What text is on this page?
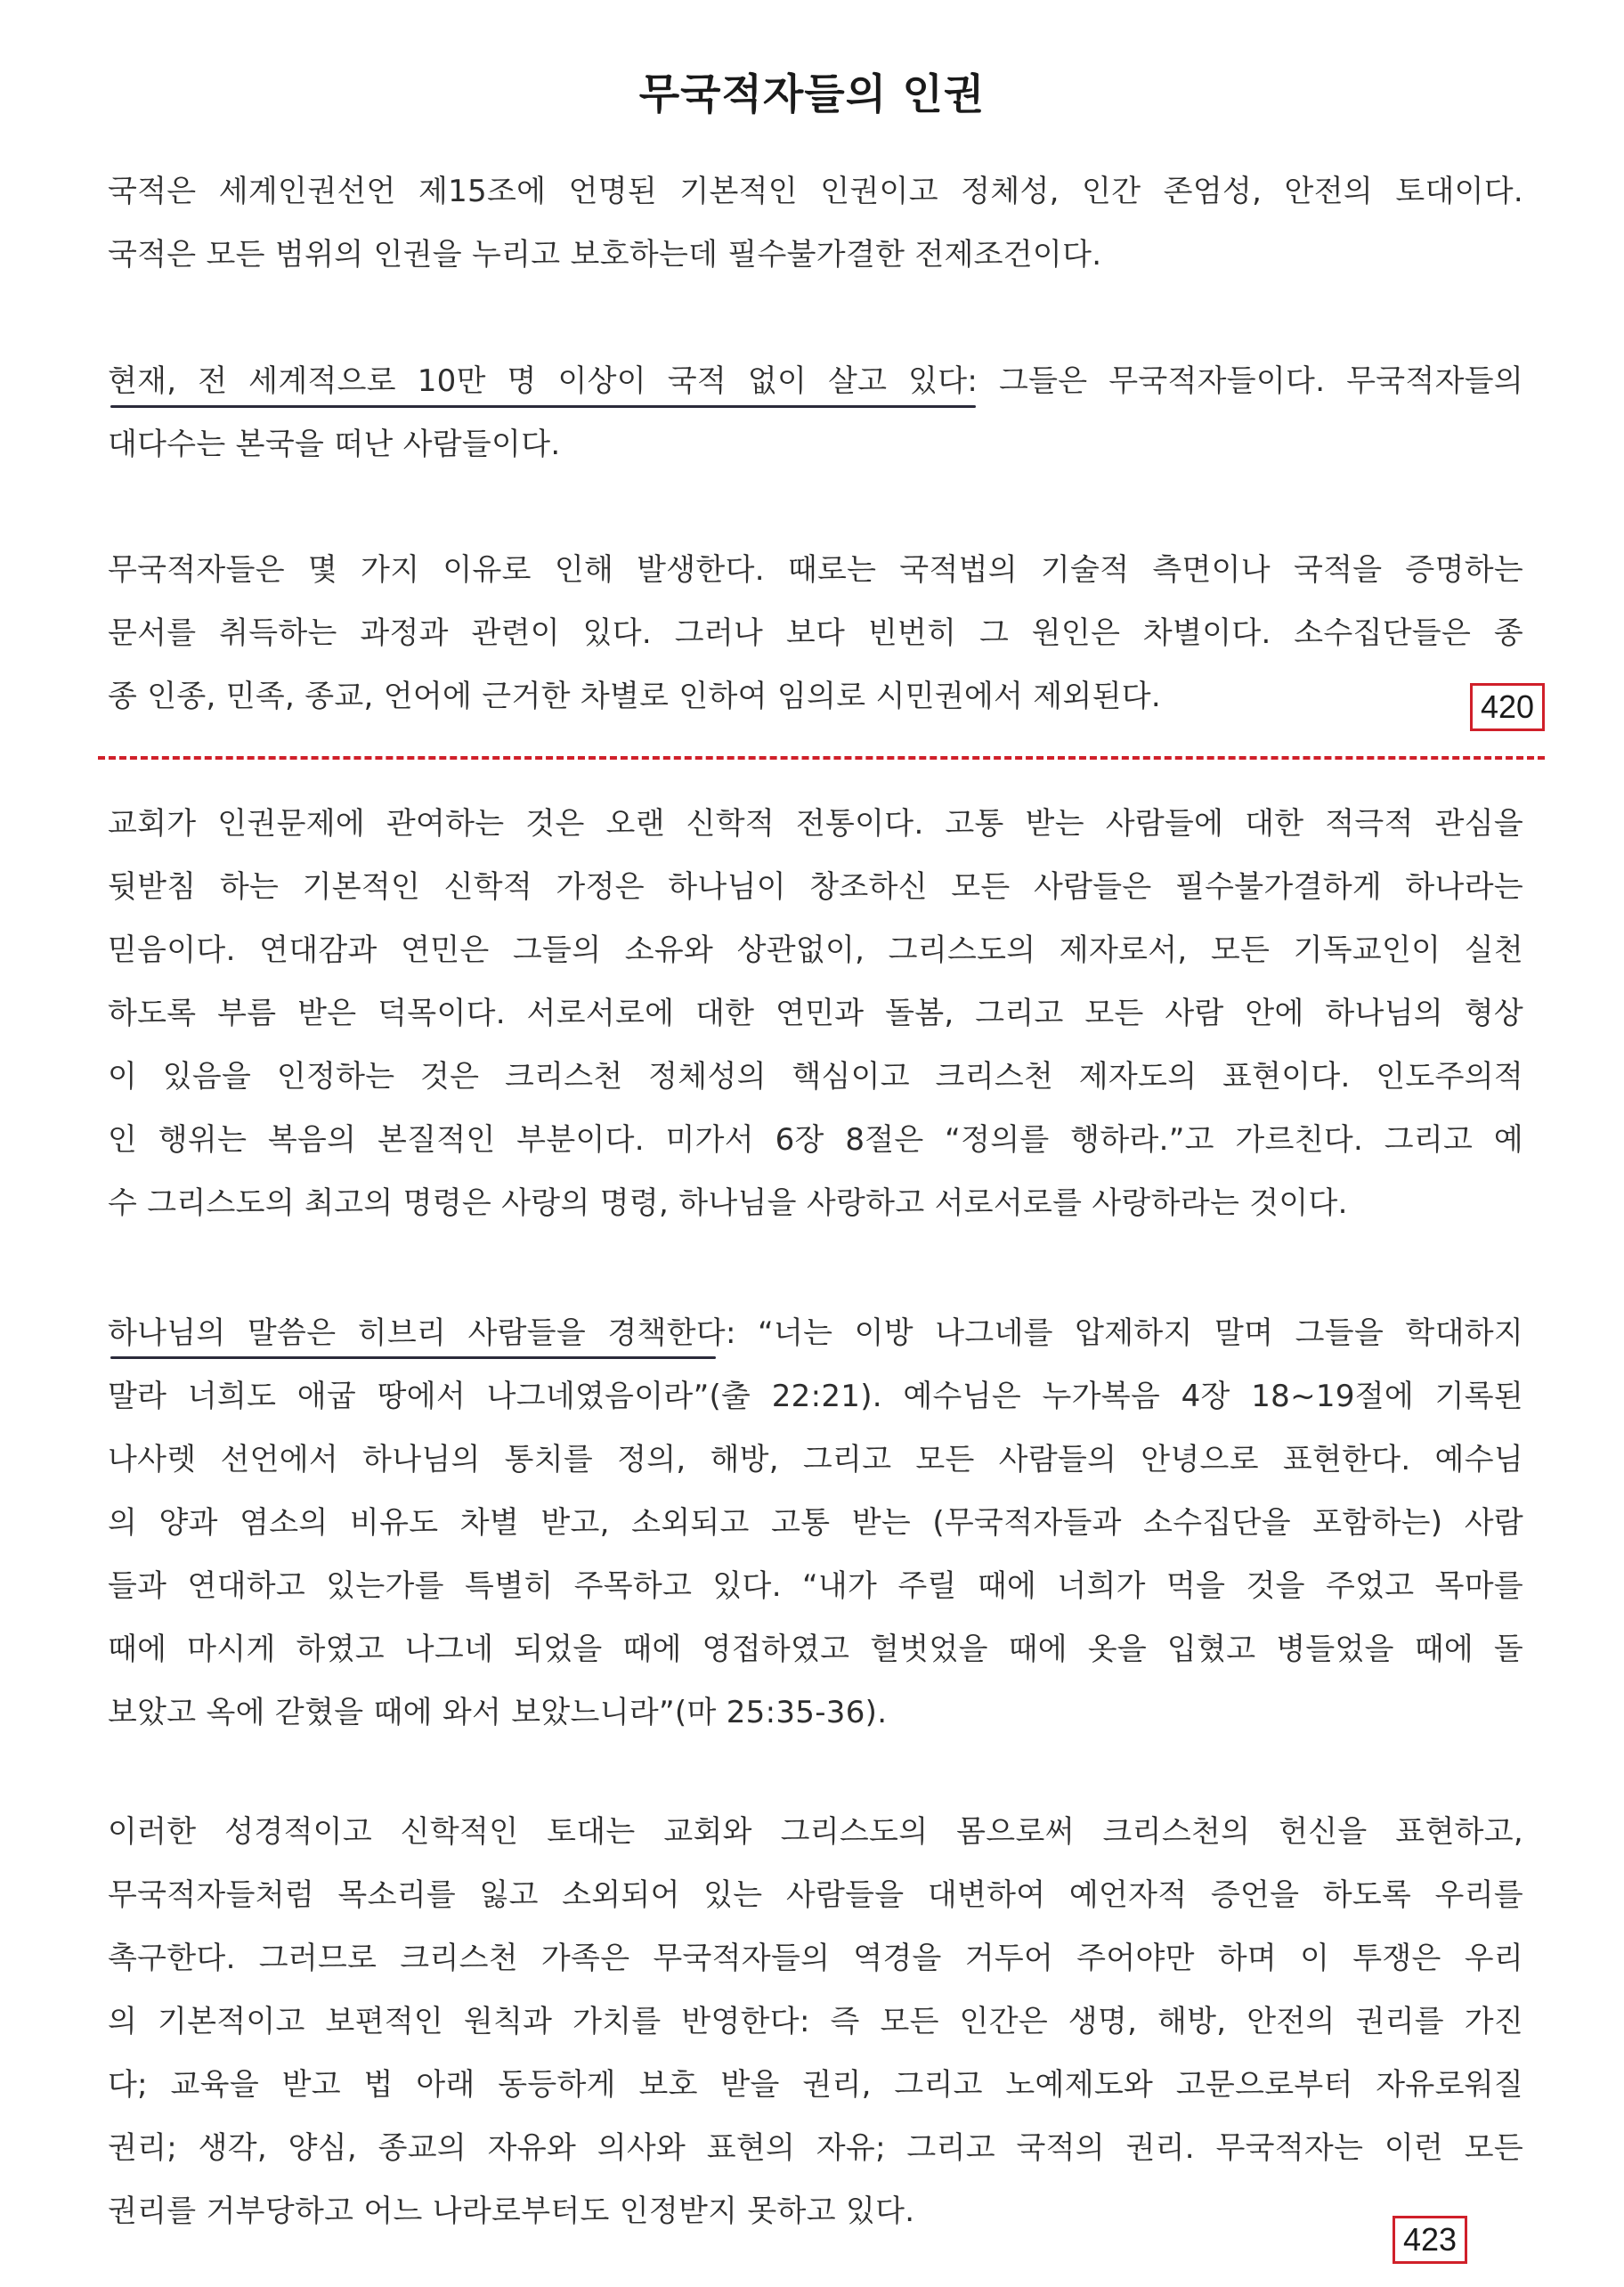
무국적자들의 인권
국적은 세계인권선언 제15조에 언명된 기본적인 인권이고 정체성, 인간 존엄성, 안전의 토대이다.
국적은 모든 범위의 인권을 누리고 보호하는데 필수불가결한 전제조건이다.
현재, 전 세계적으로 10만 명 이상이 국적 없이 살고 있다: 그들은 무국적자들이다. 무국적자들의
대다수는 본국을 떠난 사람들이다.
무국적자들은 몇 가지 이유로 인해 발생한다. 때로는 국적법의 기술적 측면이나 국적을 증명하는
문서를 취득하는 과정과 관련이 있다. 그러나 보다 빈번히 그 원인은 차별이다. 소수집단들은 종
종 인종, 민족, 종교, 언어에 근거한 차별로 인하여 임의로 시민권에서 제외된다.	420
교회가 인권문제에 관여하는 것은 오랜 신학적 전통이다. 고통 받는 사람들에 대한 적극적 관심을
뒷받침 하는 기본적인 신학적 가정은 하나님이 창조하신 모든 사람들은 필수불가결하게 하나라는
믿음이다. 연대감과 연민은 그들의 소유와 상관없이, 그리스도의 제자로서, 모든 기독교인이 실천
하도록 부름 받은 덕목이다. 서로서로에 대한 연민과 돌봄, 그리고 모든 사람 안에 하나님의 형상
이 있음을 인정하는 것은 크리스천 정체성의 핵심이고 크리스천 제자도의 표현이다. 인도주의적
인 행위는 복음의 본질적인 부분이다. 미가서 6장 8절은 “정의를 행하라.”고 가르친다. 그리고 예
수 그리스도의 최고의 명령은 사랑의 명령, 하나님을 사랑하고 서로서로를 사랑하라는 것이다.
하나님의 말씀은 히브리 사람들을 경책한다: “너는 이방 나그네를 압제하지 말며 그들을 학대하지
말라 너희도 애굽 땅에서 나그네였음이라”(출 22:21). 예수님은 누가복음 4장 18~19절에 기록된
나사렛 선언에서 하나님의 통치를 정의, 해방, 그리고 모든 사람들의 안녕으로 표현한다. 예수님
의 양과 염소의 비유도 차별 받고, 소외되고 고통 받는 (무국적자들과 소수집단을 포함하는) 사람
들과 연대하고 있는가를 특별히 주목하고 있다. “내가 주릴 때에 너희가 먹을 것을 주었고 목마를
때에 마시게 하였고 나그네 되었을 때에 영접하였고 헐벗었을 때에 옷을 입혔고 병들었을 때에 돌
보았고 옥에 갇혔을 때에 와서 보았느니라”(마 25:35-36).
이러한 성경적이고 신학적인 토대는 교회와 그리스도의 몸으로써 크리스천의 헌신을 표현하고,
무국적자들처럼 목소리를 잃고 소외되어 있는 사람들을 대변하여 예언자적 증언을 하도록 우리를
촉구한다. 그러므로 크리스천 가족은 무국적자들의 역경을 거두어 주어야만 하며 이 투쟁은 우리
의 기본적이고 보편적인 원칙과 가치를 반영한다: 즉 모든 인간은 생명, 해방, 안전의 권리를 가진
다; 교육을 받고 법 아래 동등하게 보호 받을 권리, 그리고 노예제도와 고문으로부터 자유로워질
권리; 생각, 양심, 종교의 자유와 의사와 표현의 자유; 그리고 국적의 권리. 무국적자는 이런 모든
권리를 거부당하고 어느 나라로부터도 인정받지 못하고 있다.
423
